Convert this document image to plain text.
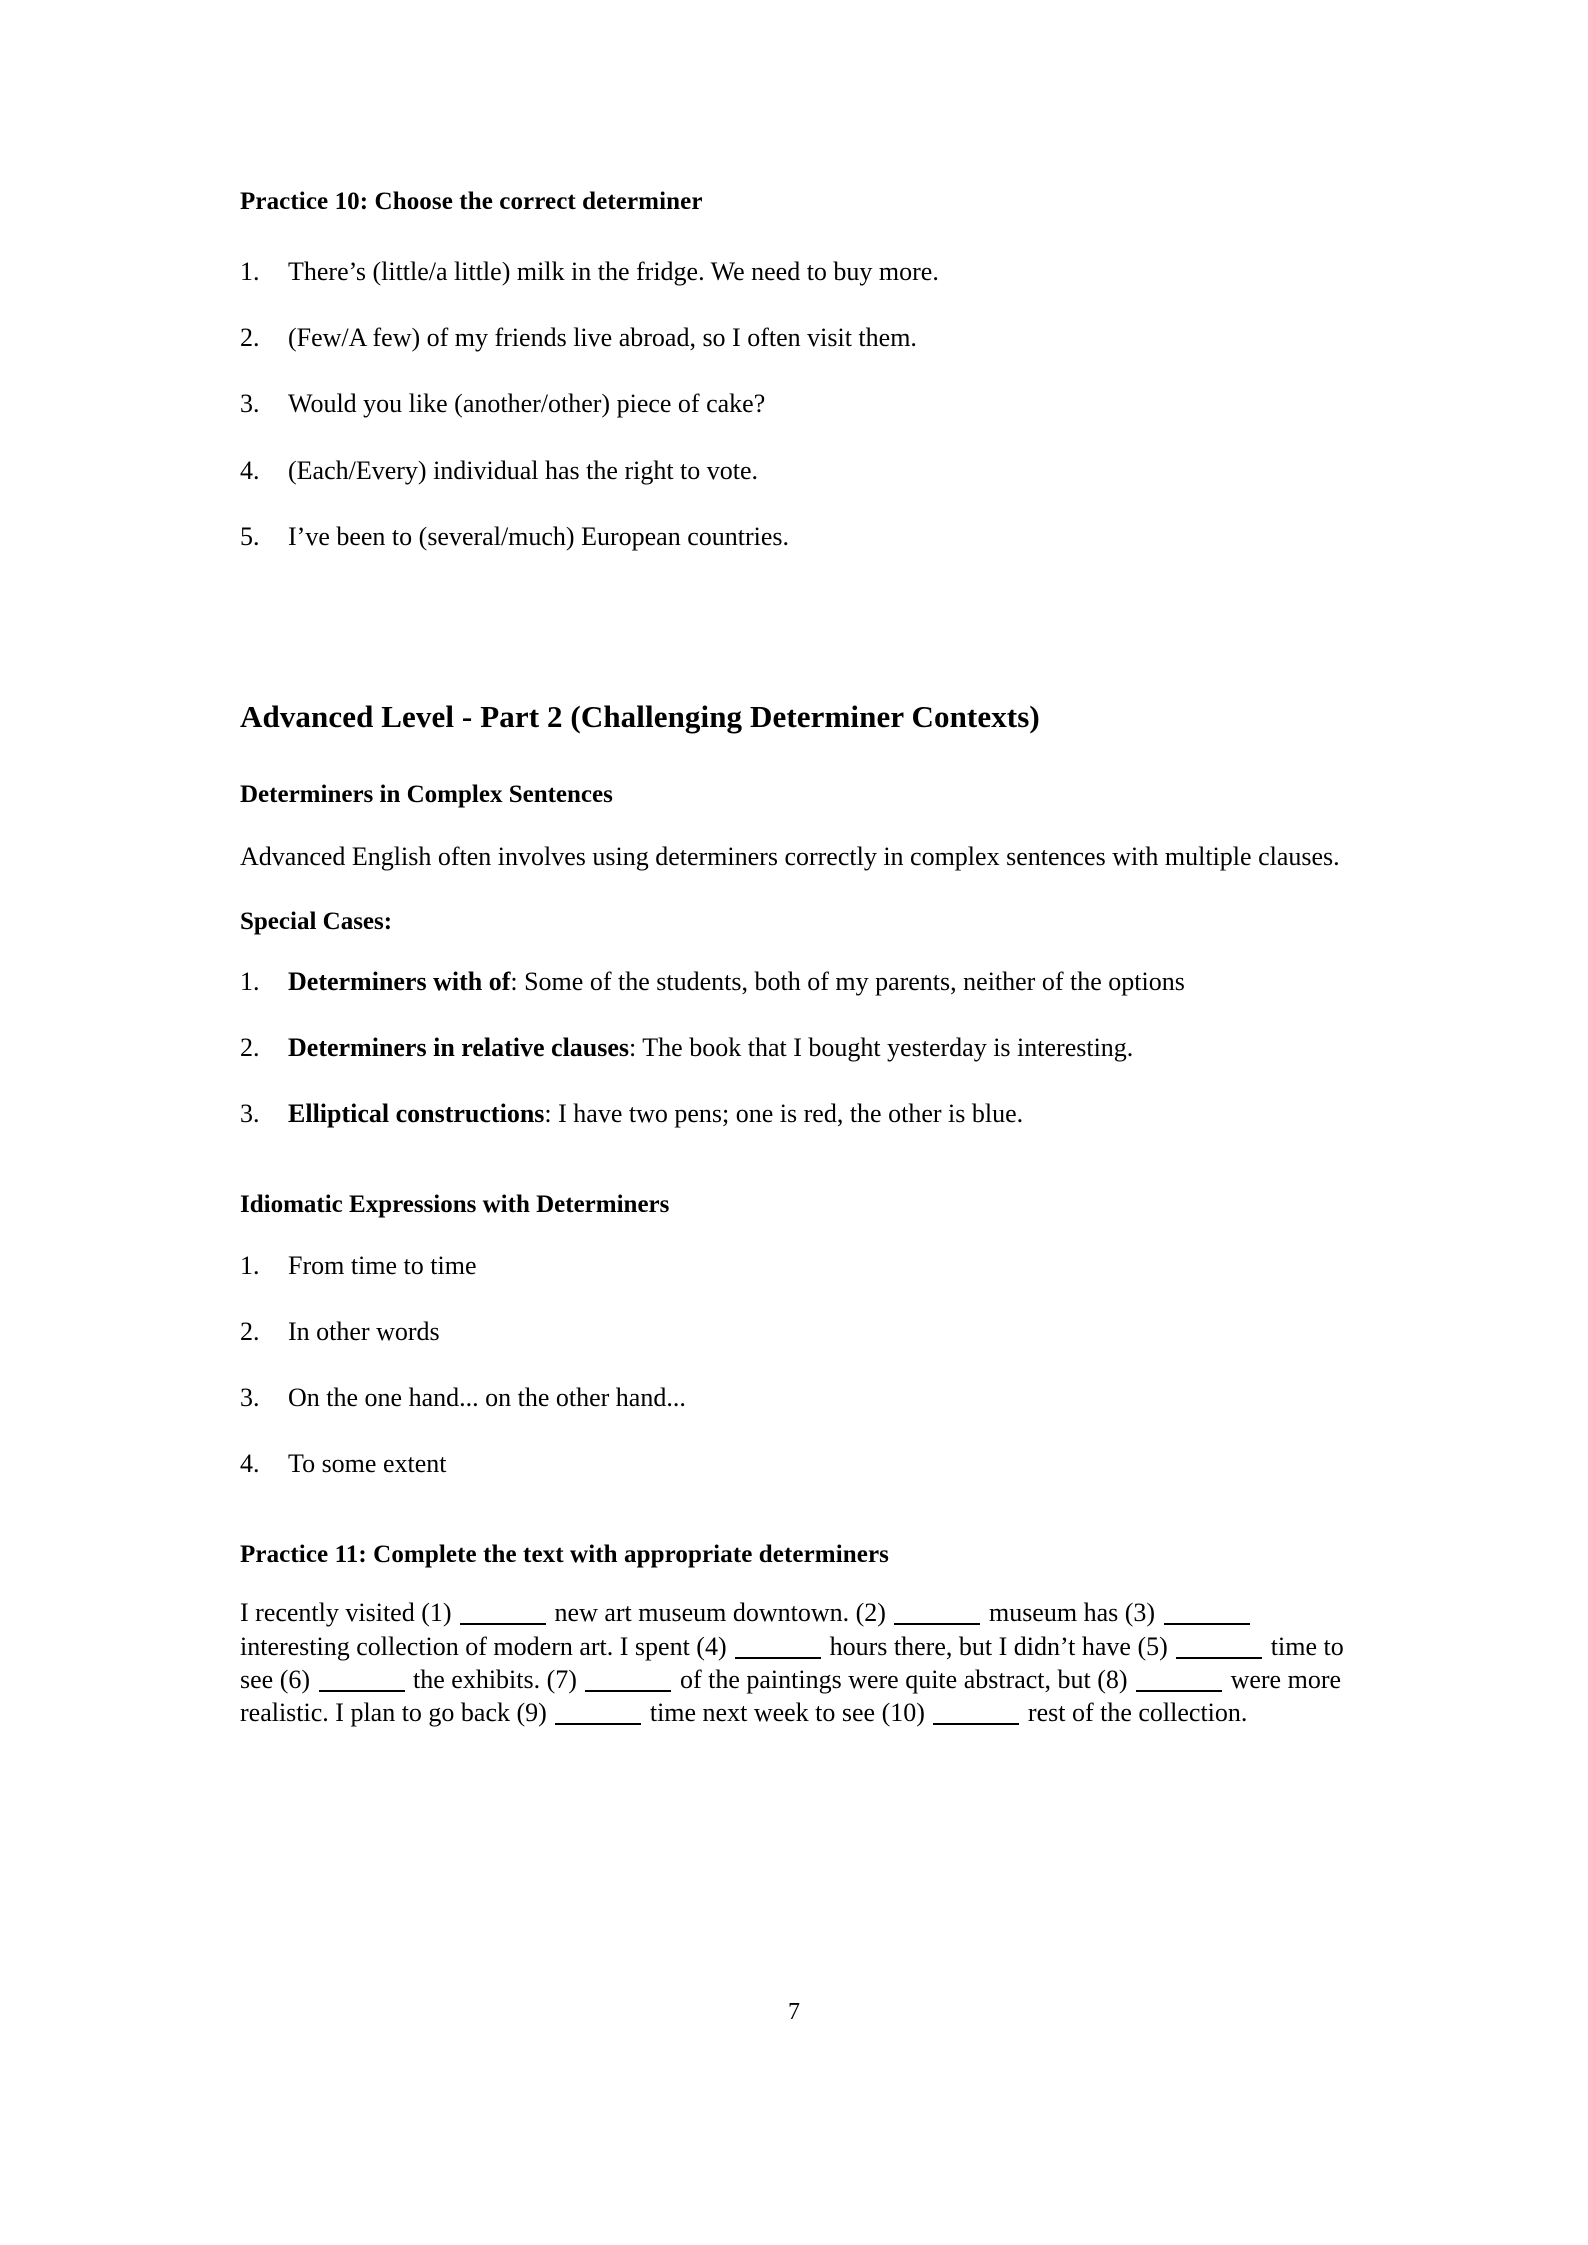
Practice 10: Choose the correct determiner
1.	There’s (little/a little) milk in the fridge. We need to buy more.
2.	(Few/A few) of my friends live abroad, so I often visit them.
3.	Would you like (another/other) piece of cake?
4.	(Each/Every) individual has the right to vote.
5.	I’ve been to (several/much) European countries.
Advanced Level - Part 2 (Challenging Determiner Contexts)
Determiners in Complex Sentences
Advanced English often involves using determiners correctly in complex sentences with multiple clauses.
Special Cases:
1.	Determiners with of: Some of the students, both of my parents, neither of the options
2.	Determiners in relative clauses: The book that I bought yesterday is interesting.
3.	Elliptical constructions: I have two pens; one is red, the other is blue.
Idiomatic Expressions with Determiners
1.	From time to time
2.	In other words
3.	On the one hand... on the other hand...
4.	To some extent
Practice 11: Complete the text with appropriate determiners
I recently visited (1)	new art museum downtown. (2)	museum has (3)  interesting collection of modern art. I spent (4)	hours there, but I didn’t have (5)	time to see (6)	the exhibits. (7)	of the paintings were quite abstract, but (8)	were more realistic. I plan to go back (9)	time next week to see (10)	rest of the collection.
7
